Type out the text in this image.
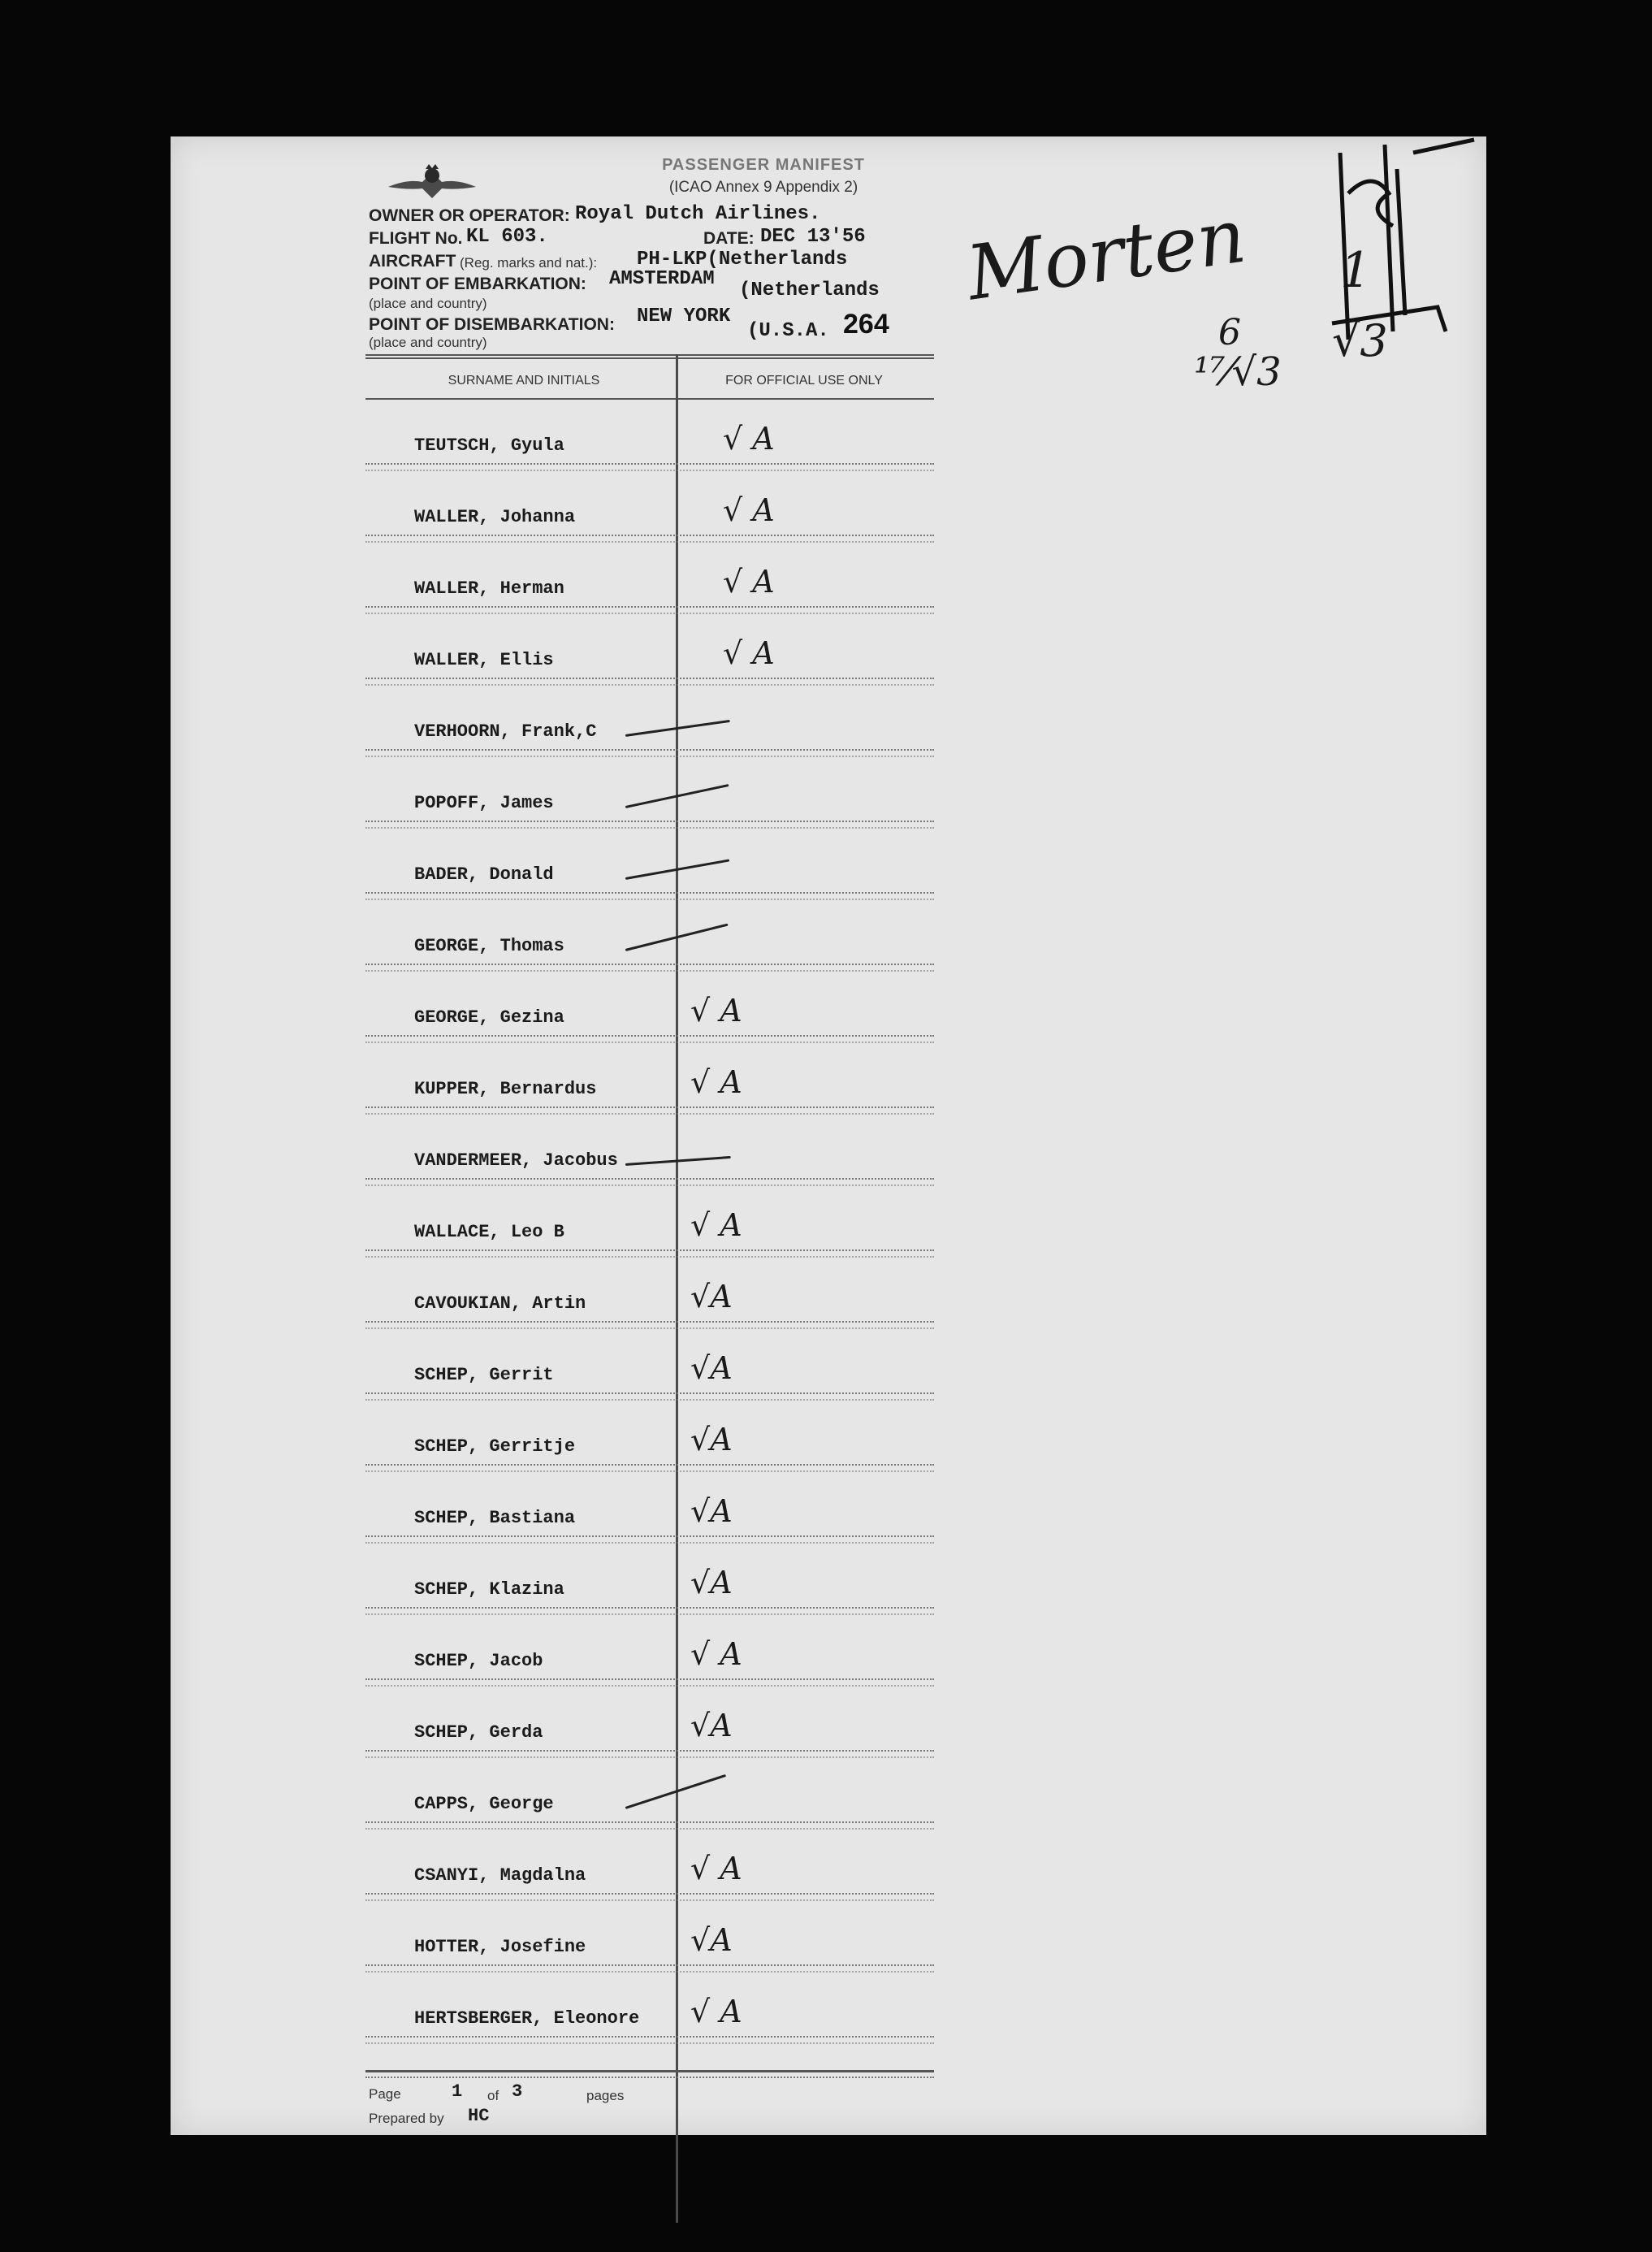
PASSENGER MANIFEST
(ICAO Annex 9 Appendix 2)
OWNER OR OPERATOR: Royal Dutch Airlines.
FLIGHT No. KL 603.	DATE: DEC 13'56
AIRCRAFT (Reg. marks and nat.): PH-LKP(Netherlands
POINT OF EMBARKATION: AMSTERDAM
(Netherlands
(place and country)
POINT OF DISEMBARKATION: NEW YORK
(U.S.A. 264
(place and country)
SURNAME AND INITIALS	FOR OFFICIAL USE ONLY
TEUTSCH, Gyula	√ A
WALLER, Johanna	√ A
WALLER, Herman	√ A
WALLER, Ellis	√ A
VERHOORN, Frank,C
POPOFF, James
BADER, Donald
GEORGE, Thomas
GEORGE, Gezina	√ A
KUPPER, Bernardus	√ A
VANDERMEER, Jacobus
WALLACE, Leo B	√ A
CAVOUKIAN, Artin	√A
SCHEP, Gerrit	√A
SCHEP, Gerritje	√A
SCHEP, Bastiana	√A
SCHEP, Klazina	√A
SCHEP, Jacob	√ A
SCHEP, Gerda	√A
CAPPS, George
CSANYI, Magdalna	√ A
HOTTER, Josefine	√A
HERTSBERGER, Eleonore √ A
Page	1 of 3	pages
Prepared by HC
Morten 1
√3
6
¹⁷⁄√3
